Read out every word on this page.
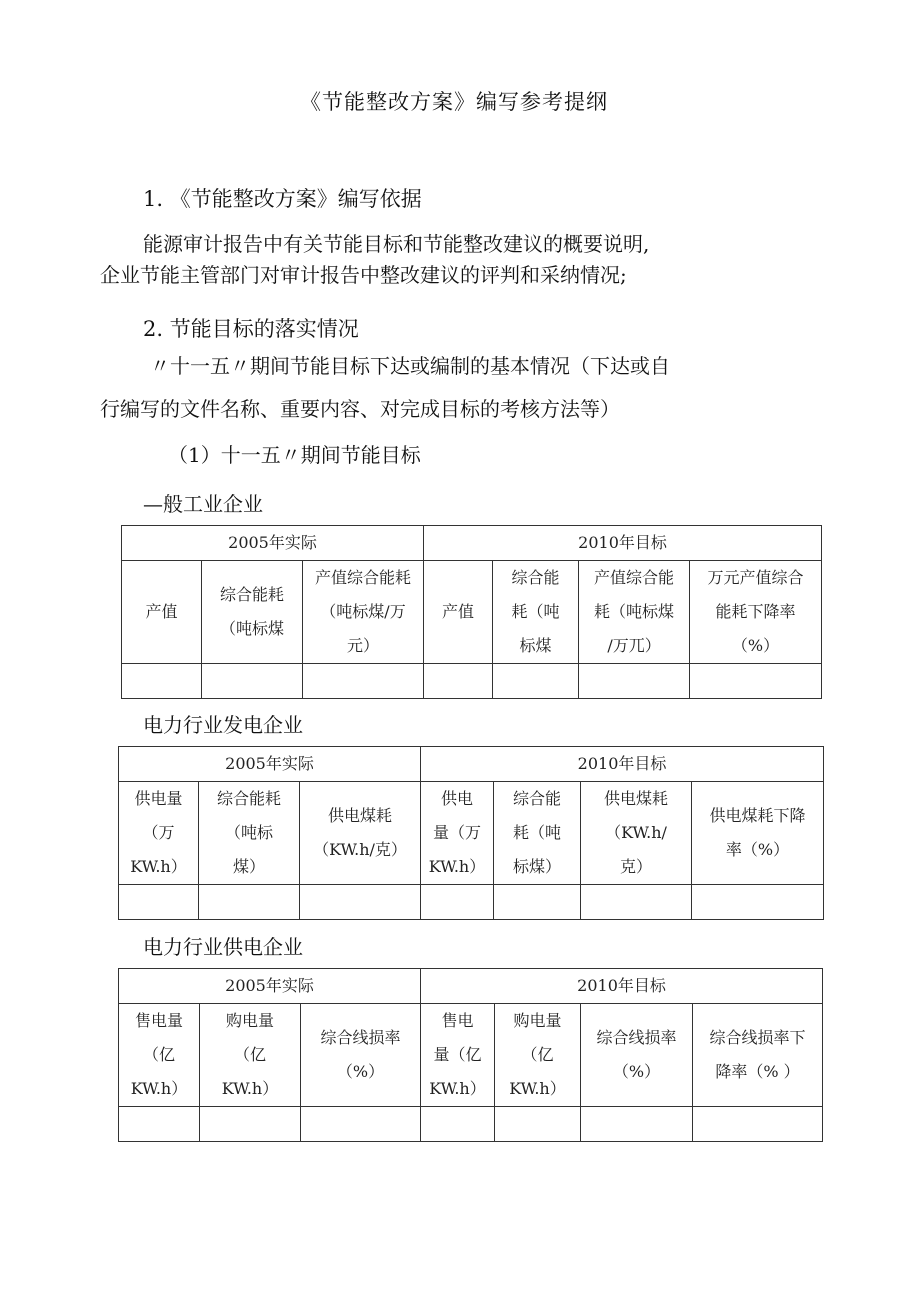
《节能整改方案》编写参考提纲
1. 《节能整改方案》编写依据
能源审计报告中有关节能目标和节能整改建议的概要说明,
企业节能主管部门对审计报告中整改建议的评判和采纳情况;
2. 节能目标的落实情况
〃十一五〃期间节能目标下达或编制的基本情况（下达或自
行编写的文件名称、重要内容、对完成目标的考核方法等）
（1）十一五〃期间节能目标
—般工业企业
2005年实际			2010年目标			

产值	综合能耗
（吨标煤	产值综合能耗
（吨标煤/万
元）	产值	综合能
耗（吨
标煤	产值综合能
耗（吨标煤
/万兀）	万元产值综合
能耗下降率
（%）

电力行业发电企业
2005年实际			2010年目标			

供电量
（万
KW.h）	综合能耗
（吨标
煤）	供电煤耗
（KW.h/克）	供电
量（万
KW.h）	综合能
耗（吨
标煤）	供电煤耗
（KW.h/
克）	供电煤耗下降
率（%）

电力行业供电企业
2005年实际			2010年目标			

售电量
（亿
KW.h）	购电量
（亿
KW.h）	综合线损率
（%）	售电
量（亿
KW.h）	购电量
（亿
KW.h）	综合线损率
（%）	综合线损率下
降率（% ）
